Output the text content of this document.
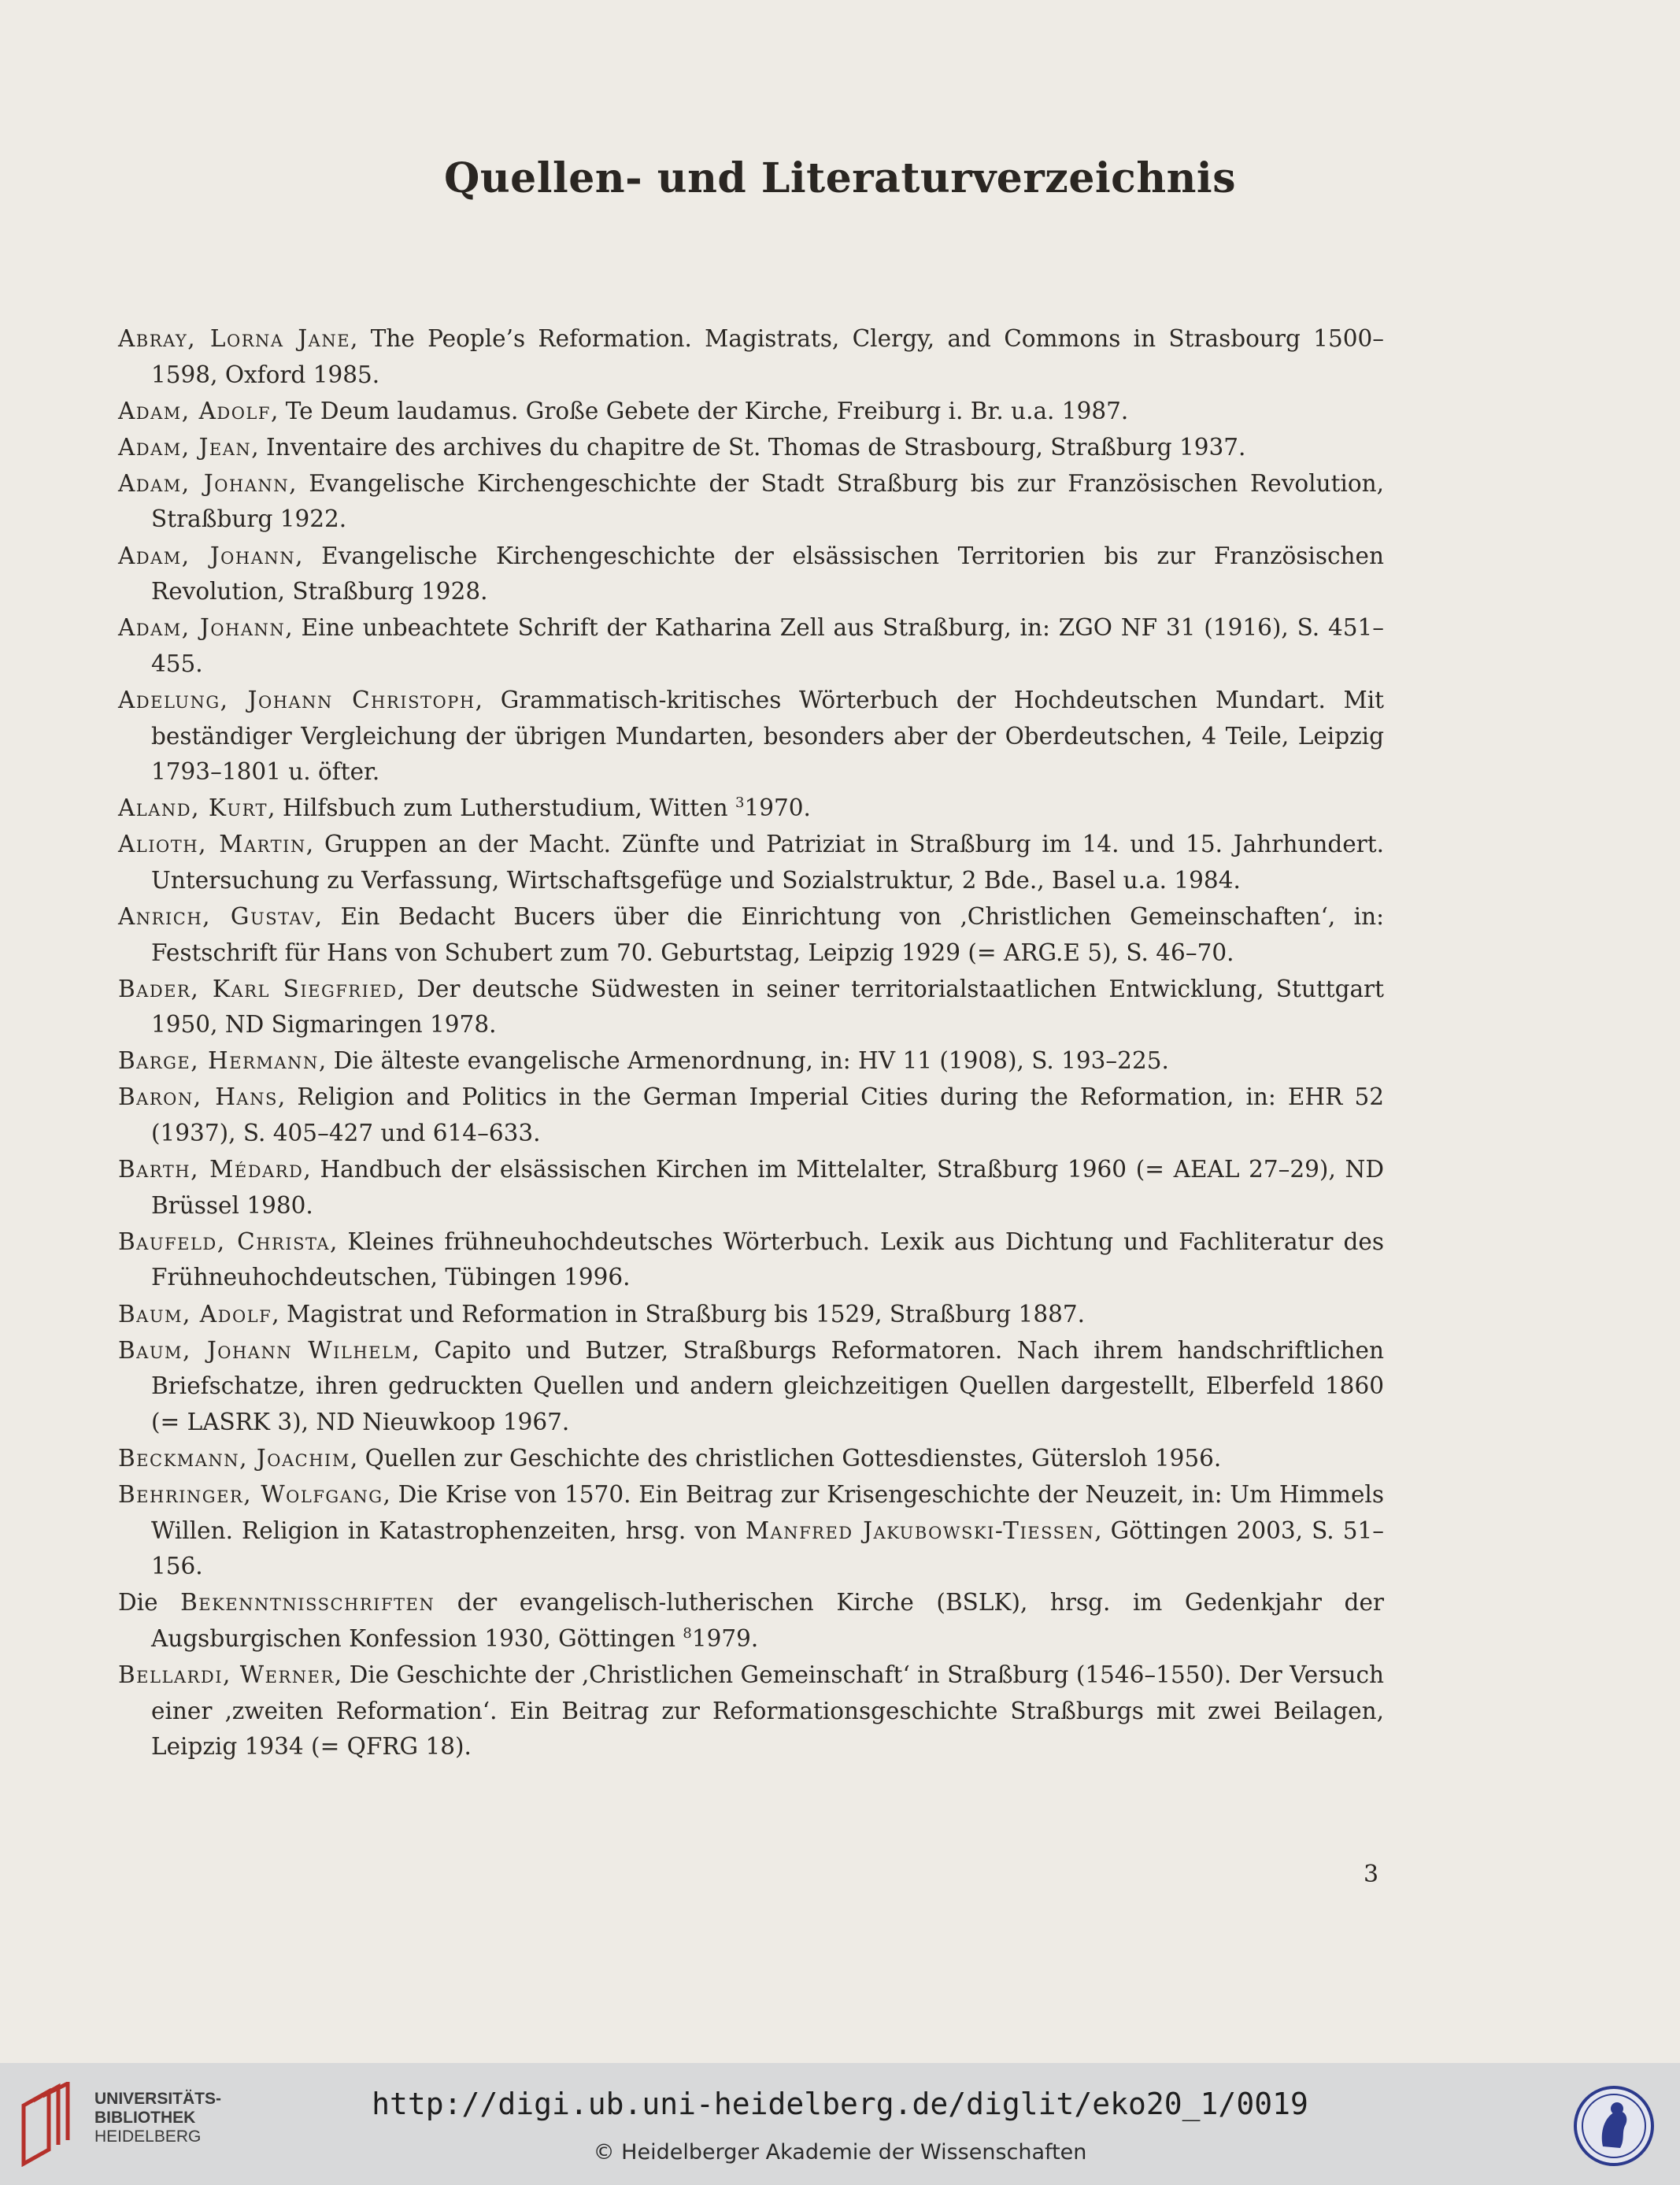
Quellen- und Literaturverzeichnis
Abray, Lorna Jane, The People’s Reformation. Magistrats, Clergy, and Commons in Strasbourg 1500–1598, Oxford 1985.
Adam, Adolf, Te Deum laudamus. Große Gebete der Kirche, Freiburg i. Br. u.a. 1987.
Adam, Jean, Inventaire des archives du chapitre de St. Thomas de Strasbourg, Straßburg 1937.
Adam, Johann, Evangelische Kirchengeschichte der Stadt Straßburg bis zur Französischen Revolution, Straßburg 1922.
Adam, Johann, Evangelische Kirchengeschichte der elsässischen Territorien bis zur Französischen Revolution, Straßburg 1928.
Adam, Johann, Eine unbeachtete Schrift der Katharina Zell aus Straßburg, in: ZGO NF 31 (1916), S. 451–455.
Adelung, Johann Christoph, Grammatisch-kritisches Wörterbuch der Hochdeutschen Mundart. Mit beständiger Vergleichung der übrigen Mundarten, besonders aber der Oberdeutschen, 4 Teile, Leipzig 1793–1801 u. öfter.
Aland, Kurt, Hilfsbuch zum Lutherstudium, Witten $^3$1970.
Alioth, Martin, Gruppen an der Macht. Zünfte und Patriziat in Straßburg im 14. und 15. Jahrhundert. Untersuchung zu Verfassung, Wirtschaftsgefüge und Sozialstruktur, 2 Bde., Basel u.a. 1984.
Anrich, Gustav, Ein Bedacht Bucers über die Einrichtung von ‚Christlichen Gemeinschaften‘, in: Festschrift für Hans von Schubert zum 70. Geburtstag, Leipzig 1929 (= ARG.E 5), S. 46–70.
Bader, Karl Siegfried, Der deutsche Südwesten in seiner territorialstaatlichen Entwicklung, Stuttgart 1950, ND Sigmaringen 1978.
Barge, Hermann, Die älteste evangelische Armenordnung, in: HV 11 (1908), S. 193–225.
Baron, Hans, Religion and Politics in the German Imperial Cities during the Reformation, in: EHR 52 (1937), S. 405–427 und 614–633.
Barth, Médard, Handbuch der elsässischen Kirchen im Mittelalter, Straßburg 1960 (= AEAL 27–29), ND Brüssel 1980.
Baufeld, Christa, Kleines frühneuhochdeutsches Wörterbuch. Lexik aus Dichtung und Fachliteratur des Frühneuhochdeutschen, Tübingen 1996.
Baum, Adolf, Magistrat und Reformation in Straßburg bis 1529, Straßburg 1887.
Baum, Johann Wilhelm, Capito und Butzer, Straßburgs Reformatoren. Nach ihrem handschriftlichen Briefschatze, ihren gedruckten Quellen und andern gleichzeitigen Quellen dargestellt, Elberfeld 1860 (= LASRK 3), ND Nieuwkoop 1967.
Beckmann, Joachim, Quellen zur Geschichte des christlichen Gottesdienstes, Gütersloh 1956.
Behringer, Wolfgang, Die Krise von 1570. Ein Beitrag zur Krisengeschichte der Neuzeit, in: Um Himmels Willen. Religion in Katastrophenzeiten, hrsg. von Manfred Jakubowski-Tiessen, Göttingen 2003, S. 51–156.
Die Bekenntnisschriften der evangelisch-lutherischen Kirche (BSLK), hrsg. im Gedenkjahr der Augsburgischen Konfession 1930, Göttingen $^8$1979.
Bellardi, Werner, Die Geschichte der ‚Christlichen Gemeinschaft‘ in Straßburg (1546–1550). Der Versuch einer ‚zweiten Reformation‘. Ein Beitrag zur Reformationsgeschichte Straßburgs mit zwei Beilagen, Leipzig 1934 (= QFRG 18).
3
UNIVERSITÄTS-
BIBLIOTHEK
HEIDELBERG
http://digi.ub.uni-heidelberg.de/diglit/eko20_1/0019
© Heidelberger Akademie der Wissenschaften
